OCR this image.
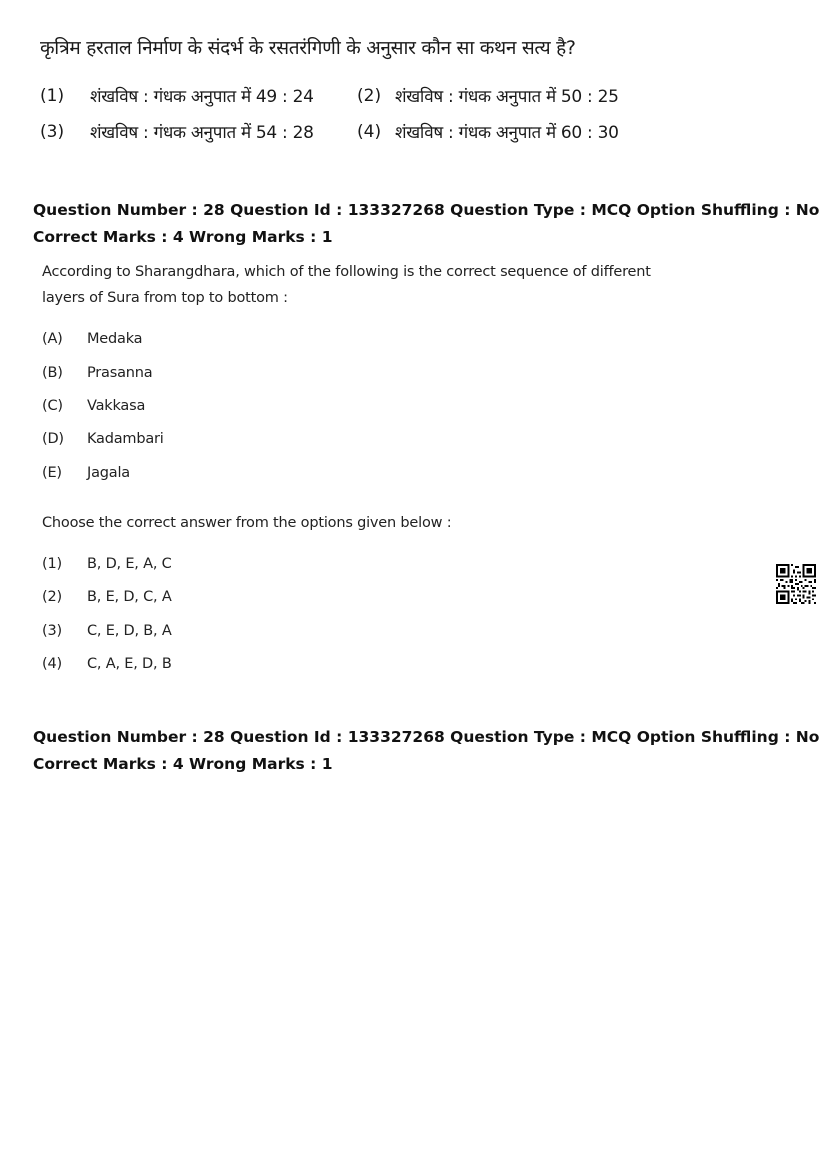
कृत्रिम हरताल निर्माण के संदर्भ के रसतरंगिणी के अनुसार कौन सा कथन सत्य है?
(1) शंखविष : गंधक अनुपात में 49 : 24	(2) शंखविष : गंधक अनुपात में 50 : 25
(3) शंखविष : गंधक अनुपात में 54 : 28	(4) शंखविष : गंधक अनुपात में 60 : 30
Question Number : 28 Question Id : 133327268 Question Type : MCQ Option Shuffling : No
Correct Marks : 4 Wrong Marks : 1
According to Sharangdhara, which of the following is the correct sequence of different
layers of Sura from top to bottom :
(A) Medaka
(B) Prasanna
(C) Vakkasa
(D) Kadambari
(E) Jagala
Choose the correct answer from the options given below :
(1) B, D, E, A, C
(2) B, E, D, C, A
(3) C, E, D, B, A
(4) C, A, E, D, B
Question Number : 28 Question Id : 133327268 Question Type : MCQ Option Shuffling : No
Correct Marks : 4 Wrong Marks : 1
